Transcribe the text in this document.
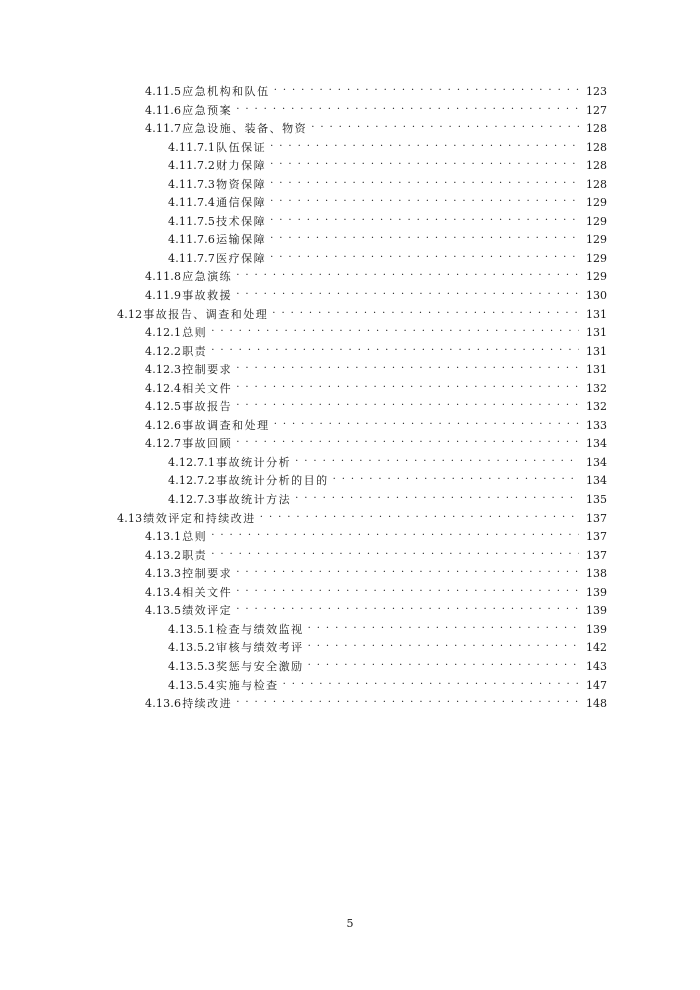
4.11.5 应急机构和队伍 . . .	123
4.11.6 应急预案 . . .	127
4.11.7 应急设施、装备、物资 . . .	128
4.11.7.1 队伍保证 . . .	128
4.11.7.2 财力保障 . . .	128
4.11.7.3 物资保障 . . .	128
4.11.7.4 通信保障 . . .	129
4.11.7.5 技术保障 . . .	129
4.11.7.6 运输保障 . . .	129
4.11.7.7 医疗保障 . . .	129
4.11.8 应急演练 . . .	129
4.11.9 事故救援 . . .	130
4.12 事故报告、调查和处理 . . .	131
4.12.1 总则 . . .	131
4.12.2 职责 . . .	131
4.12.3 控制要求 . . .	131
4.12.4 相关文件 . . .	132
4.12.5 事故报告 . . .	132
4.12.6 事故调查和处理 . . .	133
4.12.7 事故回顾 . . .	134
4.12.7.1 事故统计分析 . . .	134
4.12.7.2 事故统计分析的目的 . . .	134
4.12.7.3 事故统计方法 . . .	135
4.13 绩效评定和持续改进 . . .	137
4.13.1 总则 . . .	137
4.13.2 职责 . . .	137
4.13.3 控制要求 . . .	138
4.13.4 相关文件 . . .	139
4.13.5 绩效评定 . . .	139
4.13.5.1 检查与绩效监视 . . .	139
4.13.5.2 审核与绩效考评 . . .	142
4.13.5.3 奖惩与安全激励 . . .	143
4.13.5.4 实施与检查 . . .	147
4.13.6 持续改进 . . .	148
5
